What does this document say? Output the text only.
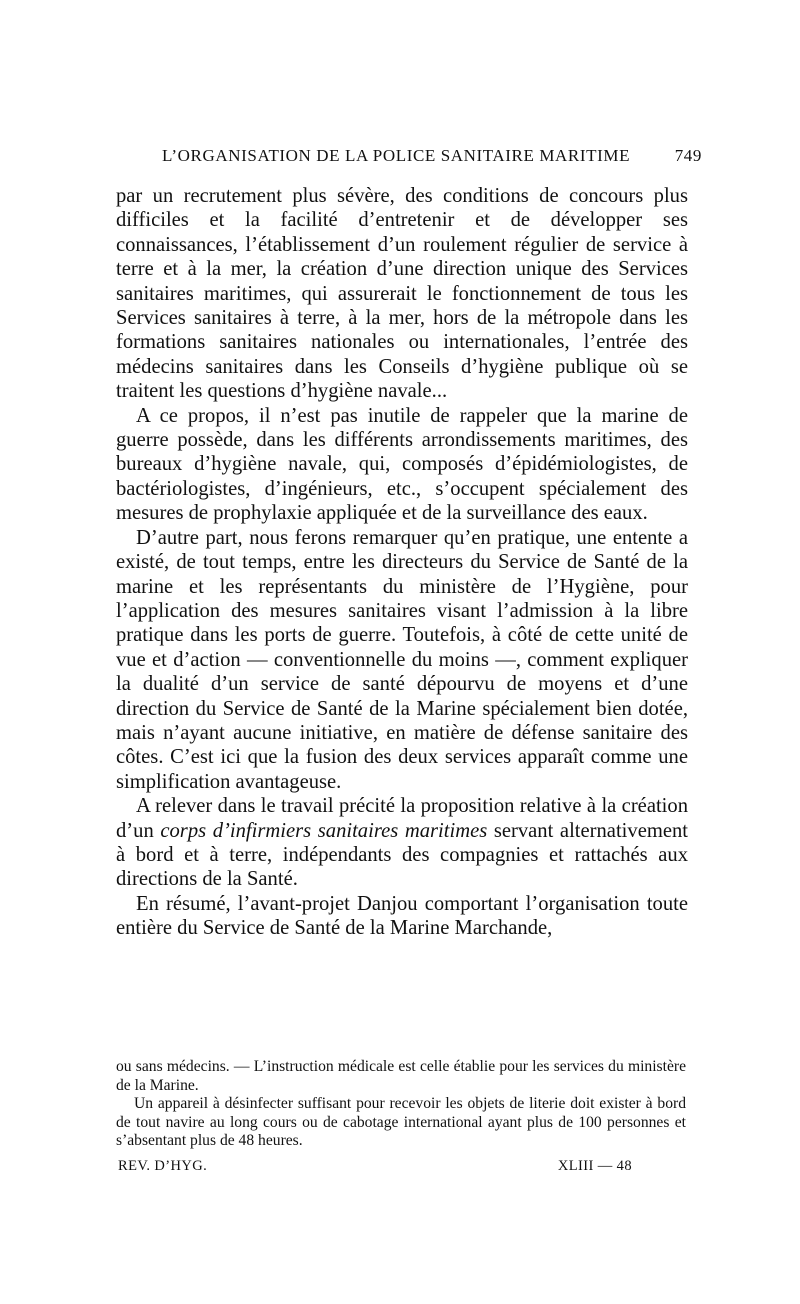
L’ORGANISATION DE LA POLICE SANITAIRE MARITIME	749

par un recrutement plus sévère, des conditions de concours plus difficiles et la facilité d’entretenir et de développer ses connaissances, l’établissement d’un roulement régulier de service à terre et à la mer, la création d’une direction unique des Services sanitaires maritimes, qui assurerait le fonctionnement de tous les Services sanitaires à terre, à la mer, hors de la métropole dans les formations sanitaires nationales ou internationales, l’entrée des médecins sanitaires dans les Conseils d’hygiène publique où se traitent les questions d’hygiène navale...

A ce propos, il n’est pas inutile de rappeler que la marine de guerre possède, dans les différents arrondissements maritimes, des bureaux d’hygiène navale, qui, composés d’épidémiologistes, de bactériologistes, d’ingénieurs, etc., s’occupent spécialement des mesures de prophylaxie appliquée et de la surveillance des eaux.

D’autre part, nous ferons remarquer qu’en pratique, une entente a existé, de tout temps, entre les directeurs du Service de Santé de la marine et les représentants du ministère de l’Hygiène, pour l’application des mesures sanitaires visant l’admission à la libre pratique dans les ports de guerre. Toutefois, à côté de cette unité de vue et d’action — conventionnelle du moins —, comment expliquer la dualité d’un service de santé dépourvu de moyens et d’une direction du Service de Santé de la Marine spécialement bien dotée, mais n’ayant aucune initiative, en matière de défense sanitaire des côtes. C’est ici que la fusion des deux services apparaît comme une simplification avantageuse.

A relever dans le travail précité la proposition relative à la création d’un corps d’infirmiers sanitaires maritimes servant alternativement à bord et à terre, indépendants des compagnies et rattachés aux directions de la Santé.

En résumé, l’avant-projet Danjou comportant l’organisation toute entière du Service de Santé de la Marine Marchande,

ou sans médecins. — L’instruction médicale est celle établie pour les services du ministère de la Marine.

Un appareil à désinfecter suffisant pour recevoir les objets de literie doit exister à bord de tout navire au long cours ou de cabotage international ayant plus de 100 personnes et s’absentant plus de 48 heures.

REV. D’HYG.	XLIII — 48
